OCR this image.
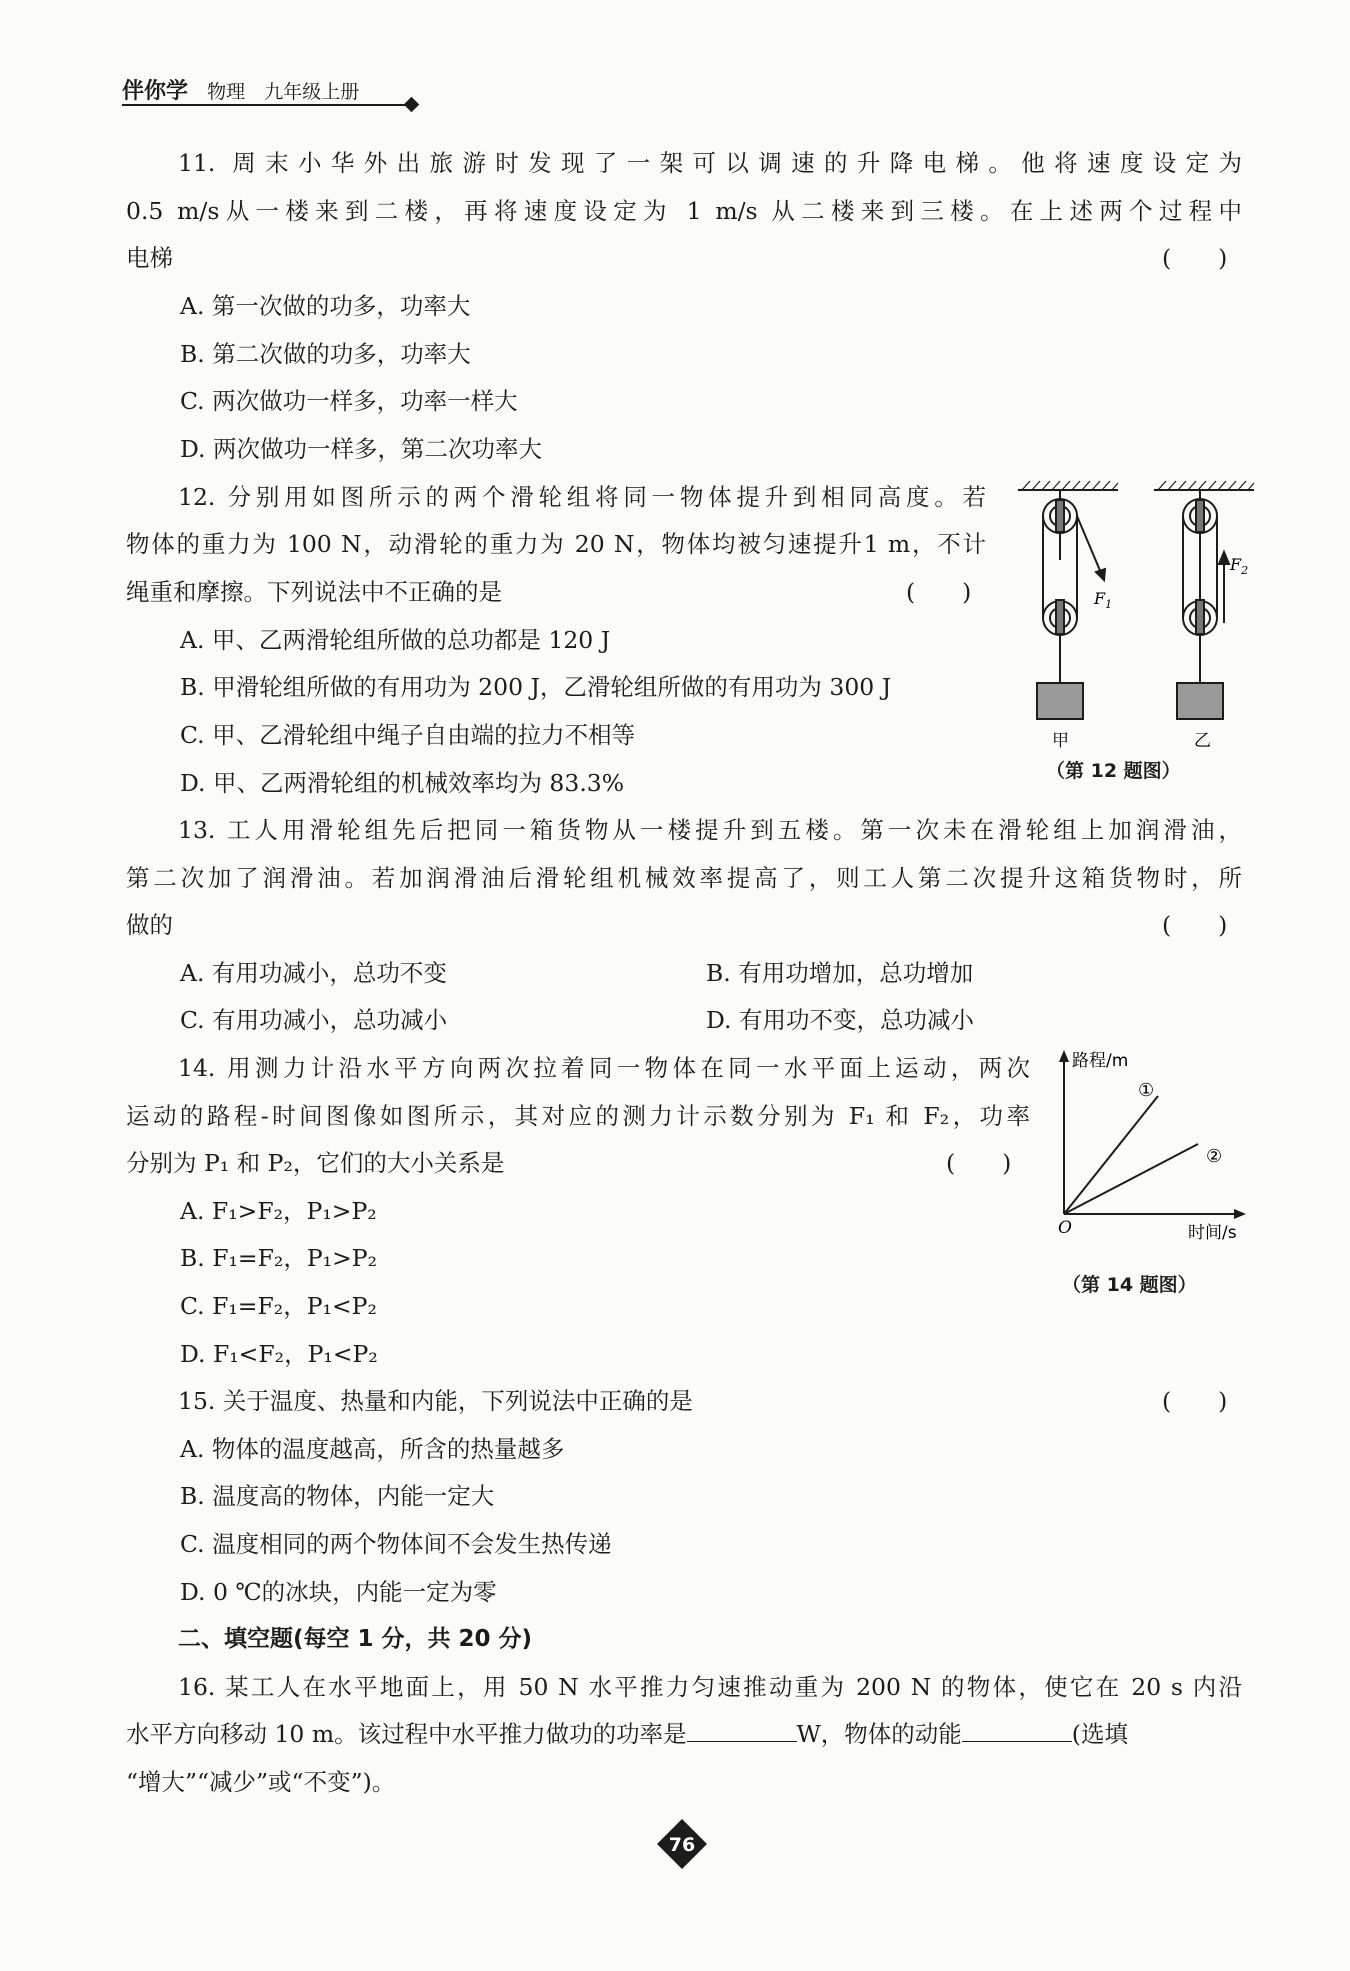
伴你学 物理 九年级上册
11. 周末小华外出旅游时发现了一架可以调速的升降电梯。他将速度设定为
0.5 m/s从一楼来到二楼，再将速度设定为 1 m/s 从二楼来到三楼。在上述两个过程中
电梯	(　　)
A. 第一次做的功多，功率大
B. 第二次做的功多，功率大
C. 两次做功一样多，功率一样大
D. 两次做功一样多，第二次功率大
12. 分别用如图所示的两个滑轮组将同一物体提升到相同高度。若
物体的重力为 100 N，动滑轮的重力为 20 N，物体均被匀速提升1 m，不计
绳重和摩擦。下列说法中不正确的是	(　　)
A. 甲、乙两滑轮组所做的总功都是 120 J
B. 甲滑轮组所做的有用功为 200 J，乙滑轮组所做的有用功为 300 J
C. 甲、乙滑轮组中绳子自由端的拉力不相等
D. 甲、乙两滑轮组的机械效率均为 83.3%
$F_1$
$F_2$
甲	乙
（第 12 题图）
13. 工人用滑轮组先后把同一箱货物从一楼提升到五楼。第一次未在滑轮组上加润滑油，
第二次加了润滑油。若加润滑油后滑轮组机械效率提高了，则工人第二次提升这箱货物时，所
做的	(　　)
A. 有用功减小，总功不变	B. 有用功增加，总功增加
C. 有用功减小，总功减小	D. 有用功不变，总功减小
14. 用测力计沿水平方向两次拉着同一物体在同一水平面上运动，两次
运动的路程-时间图像如图所示，其对应的测力计示数分别为 F₁ 和 F₂，功率
分别为 P₁ 和 P₂，它们的大小关系是	(　　)
A. F₁>F₂，P₁>P₂
B. F₁=F₂，P₁>P₂
C. F₁=F₂，P₁<P₂
D. F₁<F₂，P₁<P₂
路程/m
时间/s
O
①
②
（第 14 题图）
15. 关于温度、热量和内能，下列说法中正确的是	(　　)
A. 物体的温度越高，所含的热量越多
B. 温度高的物体，内能一定大
C. 温度相同的两个物体间不会发生热传递
D. 0 ℃的冰块，内能一定为零
二、填空题(每空 1 分，共 20 分)
16. 某工人在水平地面上，用 50 N 水平推力匀速推动重为 200 N 的物体，使它在 20 s 内沿
水平方向移动 10 m。该过程中水平推力做功的功率是	W，物体的动能	(选填
“增大”“减少”或“不变”)。
76
